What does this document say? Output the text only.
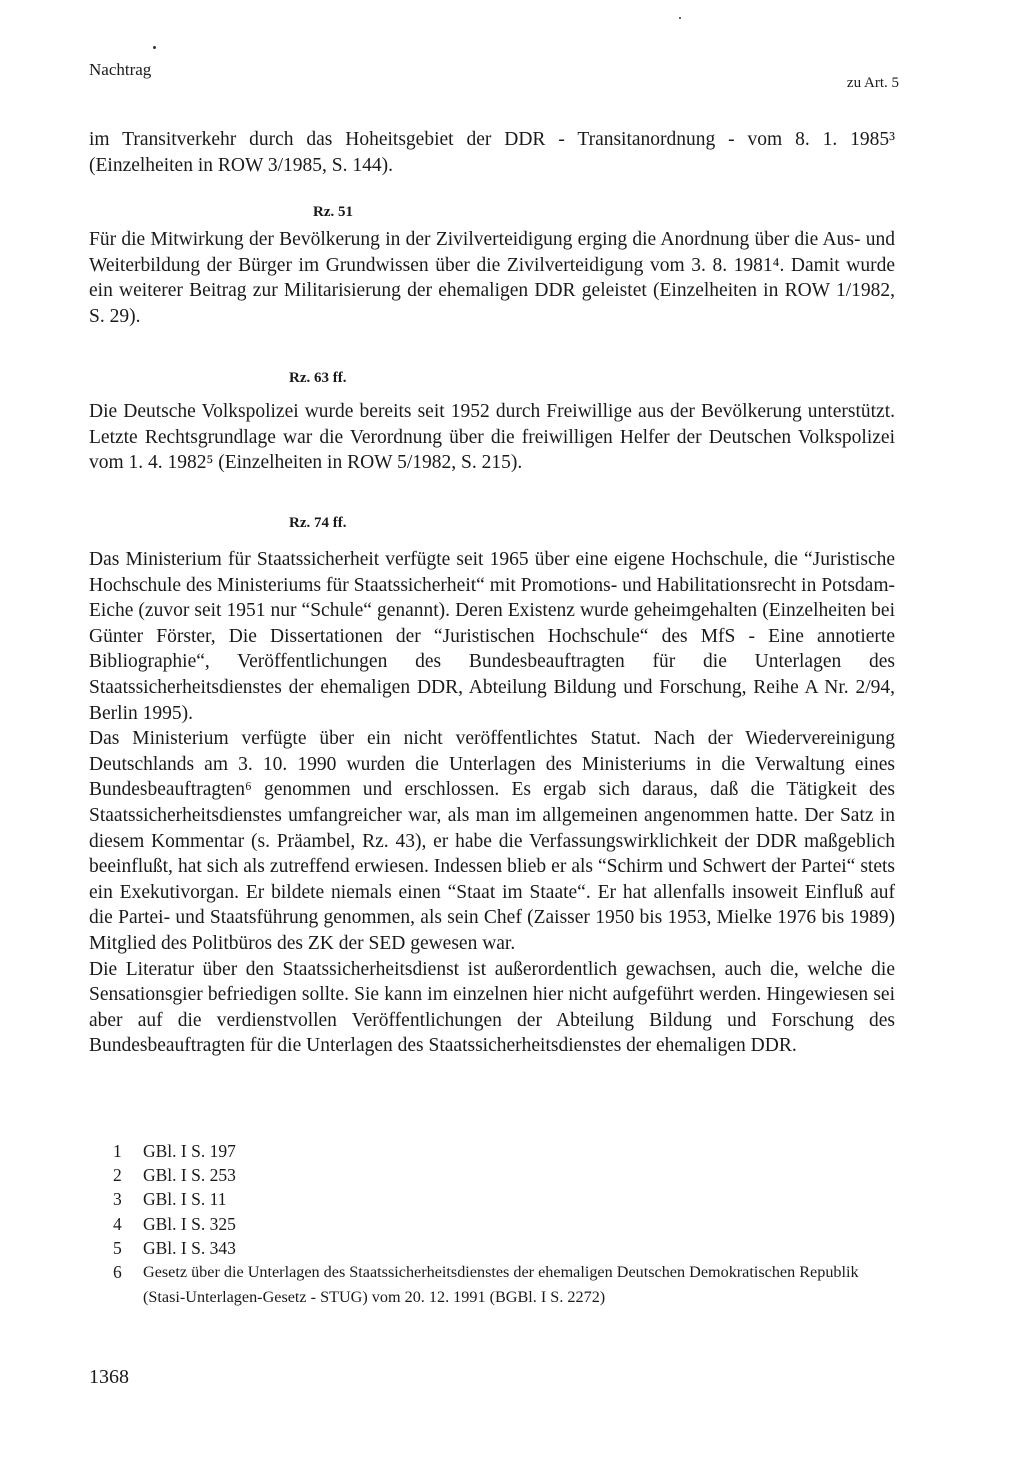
Nachtrag
zu Art. 5

im Transitverkehr durch das Hoheitsgebiet der DDR - Transitanordnung - vom 8. 1. 1985³ (Einzelheiten in ROW 3/1985, S. 144).

Rz. 51

Für die Mitwirkung der Bevölkerung in der Zivilverteidigung erging die Anordnung über die Aus- und Weiterbildung der Bürger im Grundwissen über die Zivilverteidigung vom 3. 8. 1981⁴. Damit wurde ein weiterer Beitrag zur Militarisierung der ehemaligen DDR geleistet (Einzelheiten in ROW 1/1982, S. 29).

Rz. 63 ff.

Die Deutsche Volkspolizei wurde bereits seit 1952 durch Freiwillige aus der Bevölkerung unterstützt. Letzte Rechtsgrundlage war die Verordnung über die freiwilligen Helfer der Deutschen Volkspolizei vom 1. 4. 1982⁵ (Einzelheiten in ROW 5/1982, S. 215).

Rz. 74 ff.

Das Ministerium für Staatssicherheit verfügte seit 1965 über eine eigene Hochschule, die “Juristische Hochschule des Ministeriums für Staatssicherheit“ mit Promotions- und Habilitationsrecht in Potsdam-Eiche (zuvor seit 1951 nur “Schule“ genannt). Deren Existenz wurde geheimgehalten (Einzelheiten bei Günter Förster, Die Dissertationen der “Juristischen Hochschule“ des MfS - Eine annotierte Bibliographie“, Veröffentlichungen des Bundesbeauftragten für die Unterlagen des Staatssicherheitsdienstes der ehemaligen DDR, Abteilung Bildung und Forschung, Reihe A Nr. 2/94, Berlin 1995).

Das Ministerium verfügte über ein nicht veröffentlichtes Statut. Nach der Wiedervereinigung Deutschlands am 3. 10. 1990 wurden die Unterlagen des Ministeriums in die Verwaltung eines Bundesbeauftragten⁶ genommen und erschlossen. Es ergab sich daraus, daß die Tätigkeit des Staatssicherheitsdienstes umfangreicher war, als man im allgemeinen angenommen hatte. Der Satz in diesem Kommentar (s. Präambel, Rz. 43), er habe die Verfassungswirklichkeit der DDR maßgeblich beeinflußt, hat sich als zutreffend erwiesen. Indessen blieb er als “Schirm und Schwert der Partei“ stets ein Exekutivorgan. Er bildete niemals einen “Staat im Staate“. Er hat allenfalls insoweit Einfluß auf die Partei- und Staatsführung genommen, als sein Chef (Zaisser 1950 bis 1953, Mielke 1976 bis 1989) Mitglied des Politbüros des ZK der SED gewesen war.

Die Literatur über den Staatssicherheitsdienst ist außerordentlich gewachsen, auch die, welche die Sensationsgier befriedigen sollte. Sie kann im einzelnen hier nicht aufgeführt werden. Hingewiesen sei aber auf die verdienstvollen Veröffentlichungen der Abteilung Bildung und Forschung des Bundesbeauftragten für die Unterlagen des Staatssicherheitsdienstes der ehemaligen DDR.

1	GBl. I S. 197
2	GBl. I S. 253
3	GBl. I S. 11
4	GBl. I S. 325
5	GBl. I S. 343
6	Gesetz über die Unterlagen des Staatssicherheitsdienstes der ehemaligen Deutschen Demokratischen Republik (Stasi-Unterlagen-Gesetz - STUG) vom 20. 12. 1991 (BGBl. I S. 2272)
1368
